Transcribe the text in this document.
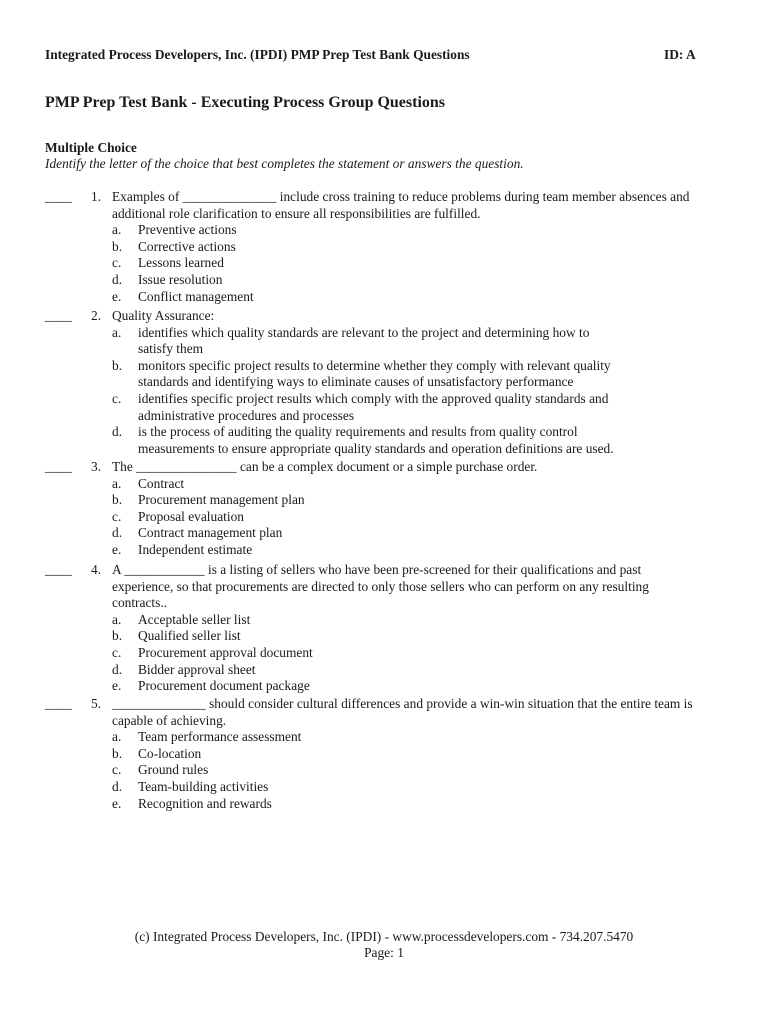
Integrated Process Developers, Inc. (IPDI) PMP Prep Test Bank Questions	ID: A
PMP Prep Test Bank - Executing Process Group Questions
Multiple Choice
Identify the letter of the choice that best completes the statement or answers the question.
____ 1. Examples of ______________ include cross training to reduce problems during team member absences and
additional role clarification to ensure all responsibilities are fulfilled.
a. Preventive actions
b. Corrective actions
c. Lessons learned
d. Issue resolution
e. Conflict management
____ 2. Quality Assurance:
a. identifies which quality standards are relevant to the project and determining how to
satisfy them
b. monitors specific project results to determine whether they comply with relevant quality
standards and identifying ways to eliminate causes of unsatisfactory performance
c. identifies specific project results which comply with the approved quality standards and
administrative procedures and processes
d. is the process of auditing the quality requirements and results from quality control
measurements to ensure appropriate quality standards and operation definitions are used.
____ 3. The _______________ can be a complex document or a simple purchase order.
a. Contract
b. Procurement management plan
c. Proposal evaluation
d. Contract management plan
e. Independent estimate
____ 4. A ____________ is a listing of sellers who have been pre-screened for their qualifications and past
experience, so that procurements are directed to only those sellers who can perform on any resulting
contracts..
a. Acceptable seller list
b. Qualified seller list
c. Procurement approval document
d. Bidder approval sheet
e. Procurement document package
____ 5. ______________ should consider cultural differences and provide a win-win situation that the entire team is
capable of achieving.
a. Team performance assessment
b. Co-location
c. Ground rules
d. Team-building activities
e. Recognition and rewards
(c) Integrated Process Developers, Inc. (IPDI) - www.processdevelopers.com - 734.207.5470
Page: 1
